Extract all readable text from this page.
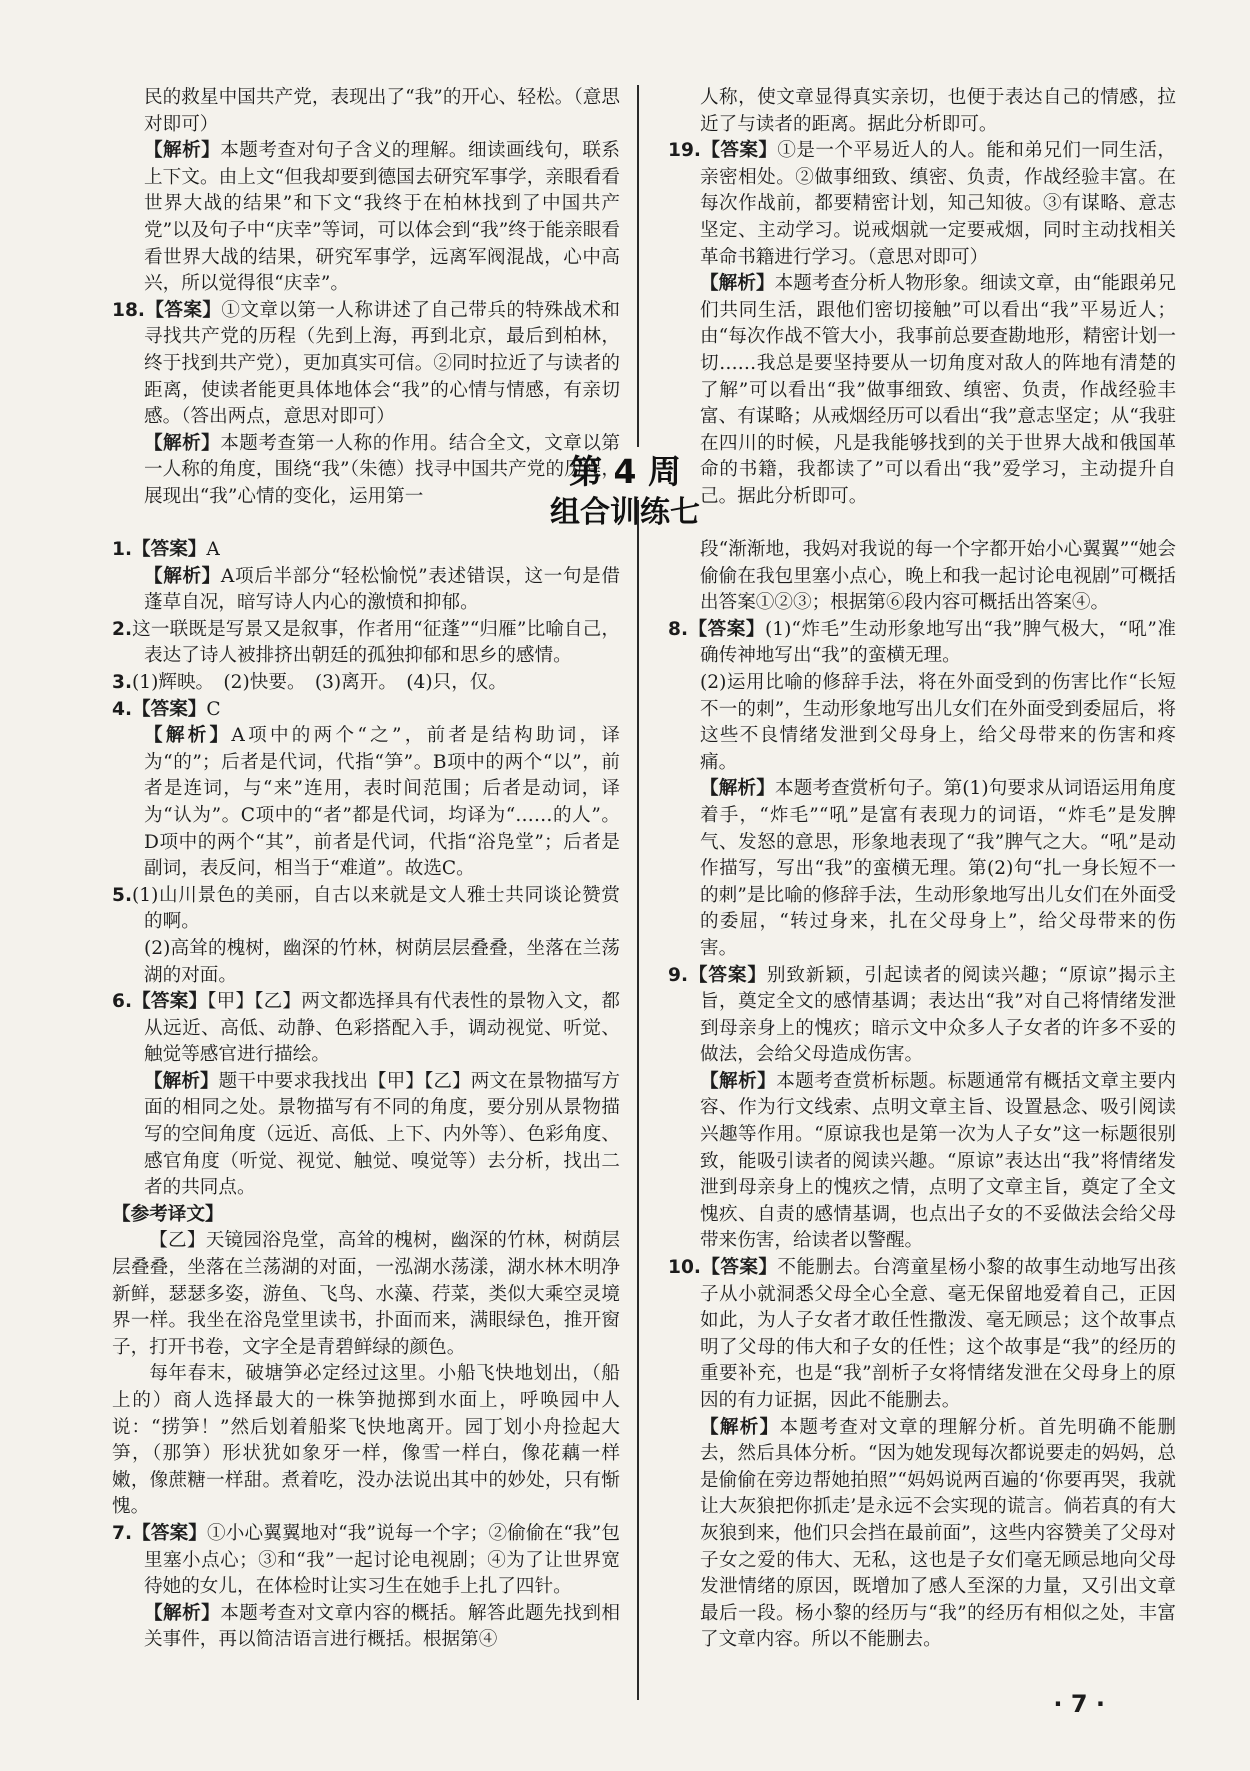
民的救星中国共产党，表现出了“我”的开心、轻松。（意思对即可）

【解析】本题考查对句子含义的理解。细读画线句，联系上下文。由上文“但我却要到德国去研究军事学，亲眼看看世界大战的结果”和下文“我终于在柏林找到了中国共产党”以及句子中“庆幸”等词，可以体会到“我”终于能亲眼看看世界大战的结果，研究军事学，远离军阀混战，心中高兴，所以觉得很“庆幸”。

18.【答案】①文章以第一人称讲述了自己带兵的特殊战术和寻找共产党的历程（先到上海，再到北京，最后到柏林，终于找到共产党），更加真实可信。②同时拉近了与读者的距离，使读者能更具体地体会“我”的心情与情感，有亲切感。（答出两点，意思对即可）

【解析】本题考查第一人称的作用。结合全文，文章以第一人称的角度，围绕“我”（朱德）找寻中国共产党的历程，展现出“我”心情的变化，运用第一

人称，使文章显得真实亲切，也便于表达自己的情感，拉近了与读者的距离。据此分析即可。

19.【答案】①是一个平易近人的人。能和弟兄们一同生活，亲密相处。②做事细致、缜密、负责，作战经验丰富。在每次作战前，都要精密计划，知己知彼。③有谋略、意志坚定、主动学习。说戒烟就一定要戒烟，同时主动找相关革命书籍进行学习。（意思对即可）

【解析】本题考查分析人物形象。细读文章，由“能跟弟兄们共同生活，跟他们密切接触”可以看出“我”平易近人；由“每次作战不管大小，我事前总要查勘地形，精密计划一切……我总是要坚持要从一切角度对敌人的阵地有清楚的了解”可以看出“我”做事细致、缜密、负责，作战经验丰富、有谋略；从戒烟经历可以看出“我”意志坚定；从“我驻在四川的时候，凡是我能够找到的关于世界大战和俄国革命的书籍，我都读了”可以看出“我”爱学习，主动提升自己。据此分析即可。

第 4 周
组合训练七

1.【答案】A

【解析】A项后半部分“轻松愉悦”表述错误，这一句是借蓬草自况，暗写诗人内心的激愤和抑郁。

2.这一联既是写景又是叙事，作者用“征蓬”“归雁”比喻自己，表达了诗人被排挤出朝廷的孤独抑郁和思乡的感情。

3.(1)辉映。　(2)快要。　(3)离开。　(4)只，仅。

4.【答案】C

【解析】A项中的两个“之”，前者是结构助词，译为“的”；后者是代词，代指“笋”。B项中的两个“以”，前者是连词，与“来”连用，表时间范围；后者是动词，译为“认为”。C项中的“者”都是代词，均译为“……的人”。D项中的两个“其”，前者是代词，代指“浴凫堂”；后者是副词，表反问，相当于“难道”。故选C。

5.(1)山川景色的美丽，自古以来就是文人雅士共同谈论赞赏的啊。

(2)高耸的槐树，幽深的竹林，树荫层层叠叠，坐落在兰荡湖的对面。

6.【答案】【甲】【乙】两文都选择具有代表性的景物入文，都从远近、高低、动静、色彩搭配入手，调动视觉、听觉、触觉等感官进行描绘。

【解析】题干中要求我找出【甲】【乙】两文在景物描写方面的相同之处。景物描写有不同的角度，要分别从景物描写的空间角度（远近、高低、上下、内外等）、色彩角度、感官角度（听觉、视觉、触觉、嗅觉等）去分析，找出二者的共同点。

【参考译文】

【乙】天镜园浴凫堂，高耸的槐树，幽深的竹林，树荫层层叠叠，坐落在兰荡湖的对面，一泓湖水荡漾，湖水林木明净新鲜，瑟瑟多姿，游鱼、飞鸟、水藻、荇菜，类似大乘空灵境界一样。我坐在浴凫堂里读书，扑面而来，满眼绿色，推开窗子，打开书卷，文字全是青碧鲜绿的颜色。

每年春末，破塘笋必定经过这里。小船飞快地划出，（船上的）商人选择最大的一株笋抛掷到水面上，呼唤园中人说：“捞笋！”然后划着船桨飞快地离开。园丁划小舟捡起大笋，（那笋）形状犹如象牙一样，像雪一样白，像花藕一样嫩，像蔗糖一样甜。煮着吃，没办法说出其中的妙处，只有惭愧。

7.【答案】①小心翼翼地对“我”说每一个字；②偷偷在“我”包里塞小点心；③和“我”一起讨论电视剧；④为了让世界宽待她的女儿，在体检时让实习生在她手上扎了四针。

【解析】本题考查对文章内容的概括。解答此题先找到相关事件，再以简洁语言进行概括。根据第④

段“渐渐地，我妈对我说的每一个字都开始小心翼翼”“她会偷偷在我包里塞小点心，晚上和我一起讨论电视剧”可概括出答案①②③；根据第⑥段内容可概括出答案④。

8.【答案】(1)“炸毛”生动形象地写出“我”脾气极大，“吼”准确传神地写出“我”的蛮横无理。

(2)运用比喻的修辞手法，将在外面受到的伤害比作“长短不一的刺”，生动形象地写出儿女们在外面受到委屈后，将这些不良情绪发泄到父母身上，给父母带来的伤害和疼痛。

【解析】本题考查赏析句子。第(1)句要求从词语运用角度着手，“炸毛”“吼”是富有表现力的词语，“炸毛”是发脾气、发怒的意思，形象地表现了“我”脾气之大。“吼”是动作描写，写出“我”的蛮横无理。第(2)句“扎一身长短不一的刺”是比喻的修辞手法，生动形象地写出儿女们在外面受的委屈，“转过身来，扎在父母身上”，给父母带来的伤害。

9.【答案】别致新颖，引起读者的阅读兴趣；“原谅”揭示主旨，奠定全文的感情基调；表达出“我”对自己将情绪发泄到母亲身上的愧疚；暗示文中众多人子女者的许多不妥的做法，会给父母造成伤害。

【解析】本题考查赏析标题。标题通常有概括文章主要内容、作为行文线索、点明文章主旨、设置悬念、吸引阅读兴趣等作用。“原谅我也是第一次为人子女”这一标题很别致，能吸引读者的阅读兴趣。“原谅”表达出“我”将情绪发泄到母亲身上的愧疚之情，点明了文章主旨，奠定了全文愧疚、自责的感情基调，也点出子女的不妥做法会给父母带来伤害，给读者以警醒。

10.【答案】不能删去。台湾童星杨小黎的故事生动地写出孩子从小就洞悉父母全心全意、毫无保留地爱着自己，正因如此，为人子女者才敢任性撒泼、毫无顾忌；这个故事点明了父母的伟大和子女的任性；这个故事是“我”的经历的重要补充，也是“我”剖析子女将情绪发泄在父母身上的原因的有力证据，因此不能删去。

【解析】本题考查对文章的理解分析。首先明确不能删去，然后具体分析。“因为她发现每次都说要走的妈妈，总是偷偷在旁边帮她拍照”“妈妈说两百遍的‘你要再哭，我就让大灰狼把你抓走’是永远不会实现的谎言。倘若真的有大灰狼到来，他们只会挡在最前面”，这些内容赞美了父母对子女之爱的伟大、无私，这也是子女们毫无顾忌地向父母发泄情绪的原因，既增加了感人至深的力量，又引出文章最后一段。杨小黎的经历与“我”的经历有相似之处，丰富了文章内容。所以不能删去。

· 7 ·
